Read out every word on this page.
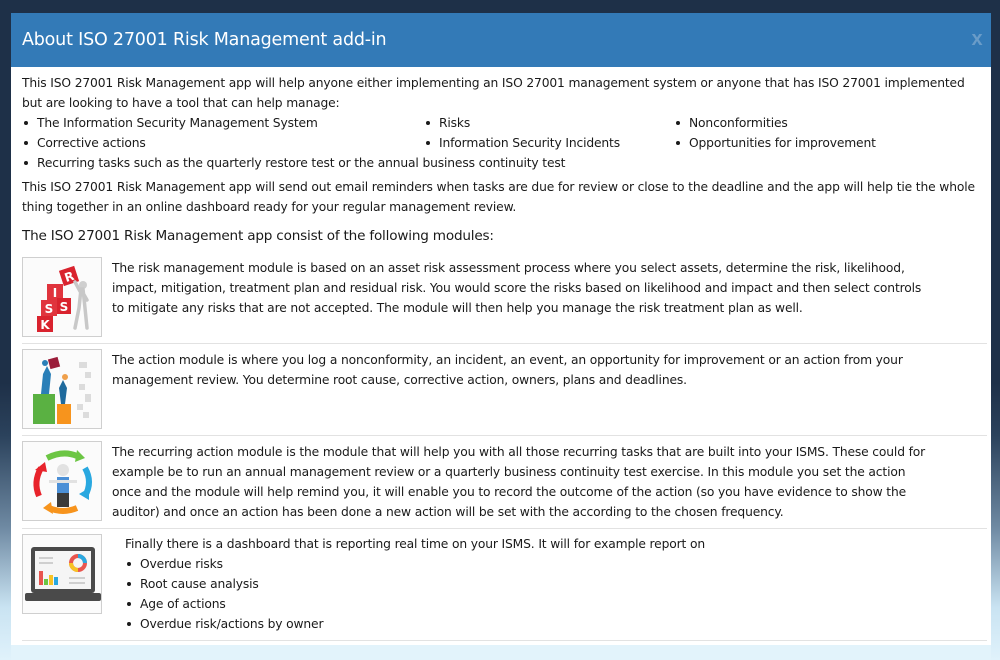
About ISO 27001 Risk Management add-in	x

This ISO 27001 Risk Management app will help anyone either implementing an ISO 27001 management system or anyone that has ISO 27001 implemented but are looking to have a tool that can help manage:

The Information Security Management System	Risks	Nonconformities
Corrective actions	Information Security Incidents	Opportunities for improvement
Recurring tasks such as the quarterly restore test or the annual business continuity test

This ISO 27001 Risk Management app will send out email reminders when tasks are due for review or close to the deadline and the app will help tie the whole thing together in an online dashboard ready for your regular management review.

The ISO 27001 Risk Management app consist of the following modules:

K
S
I
S
R
The risk management module is based on an asset risk assessment process where you select assets, determine the risk, likelihood, impact, mitigation, treatment plan and residual risk. You would score the risks based on likelihood and impact and then select controls to mitigate any risks that are not accepted. The module will then help you manage the risk treatment plan as well.
The action module is where you log a nonconformity, an incident, an event, an opportunity for improvement or an action from your management review. You determine root cause, corrective action, owners, plans and deadlines.
The recurring action module is the module that will help you with all those recurring tasks that are built into your ISMS. These could for example be to run an annual management review or a quarterly business continuity test exercise. In this module you set the action once and the module will help remind you, it will enable you to record the outcome of the action (so you have evidence to show the auditor) and once an action has been done a new action will be set with the according to the chosen frequency.
Finally there is a dashboard that is reporting real time on your ISMS. It will for example report on
Overdue risks
Root cause analysis
Age of actions
Overdue risk/actions by owner
